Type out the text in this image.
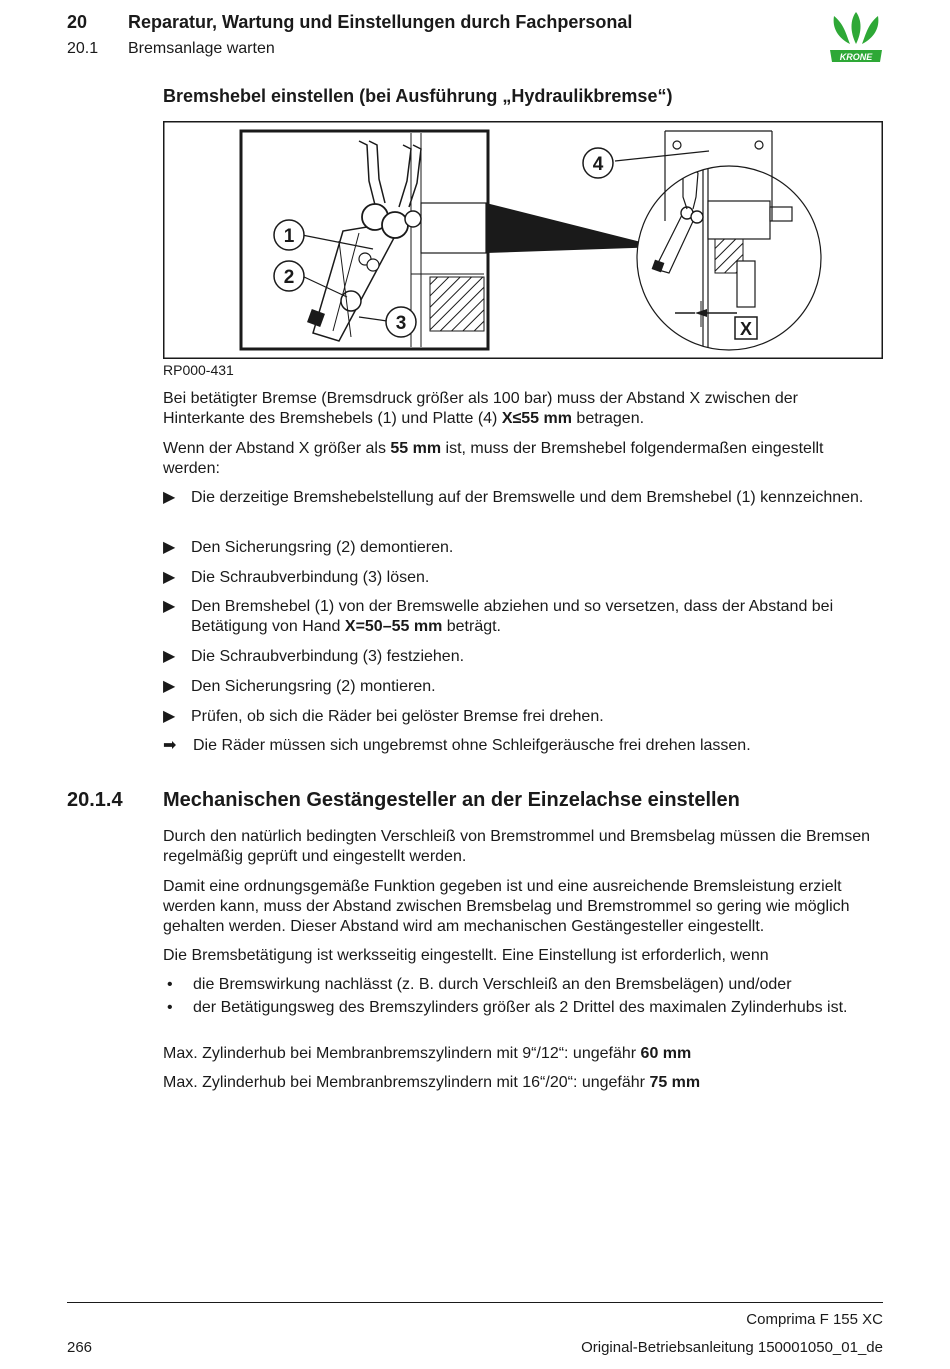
20 Reparatur, Wartung und Einstellungen durch Fachpersonal
20.1 Bremsanlage warten	KRONE
Bremshebel einstellen (bei Ausführung „Hydraulikbremse“)
1
2
3
4
X
RP000-431
Bei betätigter Bremse (Bremsdruck größer als 100 bar) muss der Abstand X zwischen der Hinterkante des Bremshebels (1) und Platte (4) X≤55 mm betragen.
Wenn der Abstand X größer als 55 mm ist, muss der Bremshebel folgendermaßen eingestellt werden:
▶ Die derzeitige Bremshebelstellung auf der Bremswelle und dem Bremshebel (1) kennzeichnen.
▶ Den Sicherungsring (2) demontieren.
▶ Die Schraubverbindung (3) lösen.
▶ Den Bremshebel (1) von der Bremswelle abziehen und so versetzen, dass der Abstand bei Betätigung von Hand X=50–55 mm beträgt.
▶ Die Schraubverbindung (3) festziehen.
▶ Den Sicherungsring (2) montieren.
▶ Prüfen, ob sich die Räder bei gelöster Bremse frei drehen.
➡	Die Räder müssen sich ungebremst ohne Schleifgeräusche frei drehen lassen.
20.1.4 Mechanischen Gestängesteller an der Einzelachse einstellen
Durch den natürlich bedingten Verschleiß von Bremstrommel und Bremsbelag müssen die Bremsen regelmäßig geprüft und eingestellt werden.
Damit eine ordnungsgemäße Funktion gegeben ist und eine ausreichende Bremsleistung erzielt werden kann, muss der Abstand zwischen Bremsbelag und Bremstrommel so gering wie möglich gehalten werden. Dieser Abstand wird am mechanischen Gestängesteller eingestellt.
Die Bremsbetätigung ist werksseitig eingestellt. Eine Einstellung ist erforderlich, wenn
•	die Bremswirkung nachlässt (z. B. durch Verschleiß an den Bremsbelägen) und/oder
•	der Betätigungsweg des Bremszylinders größer als 2 Drittel des maximalen Zylinderhubs ist.
Max. Zylinderhub bei Membranbremszylindern mit 9“/12“: ungefähr 60 mm
Max. Zylinderhub bei Membranbremszylindern mit 16“/20“: ungefähr 75 mm
Comprima F 155 XC
266	Original-Betriebsanleitung 150001050_01_de
